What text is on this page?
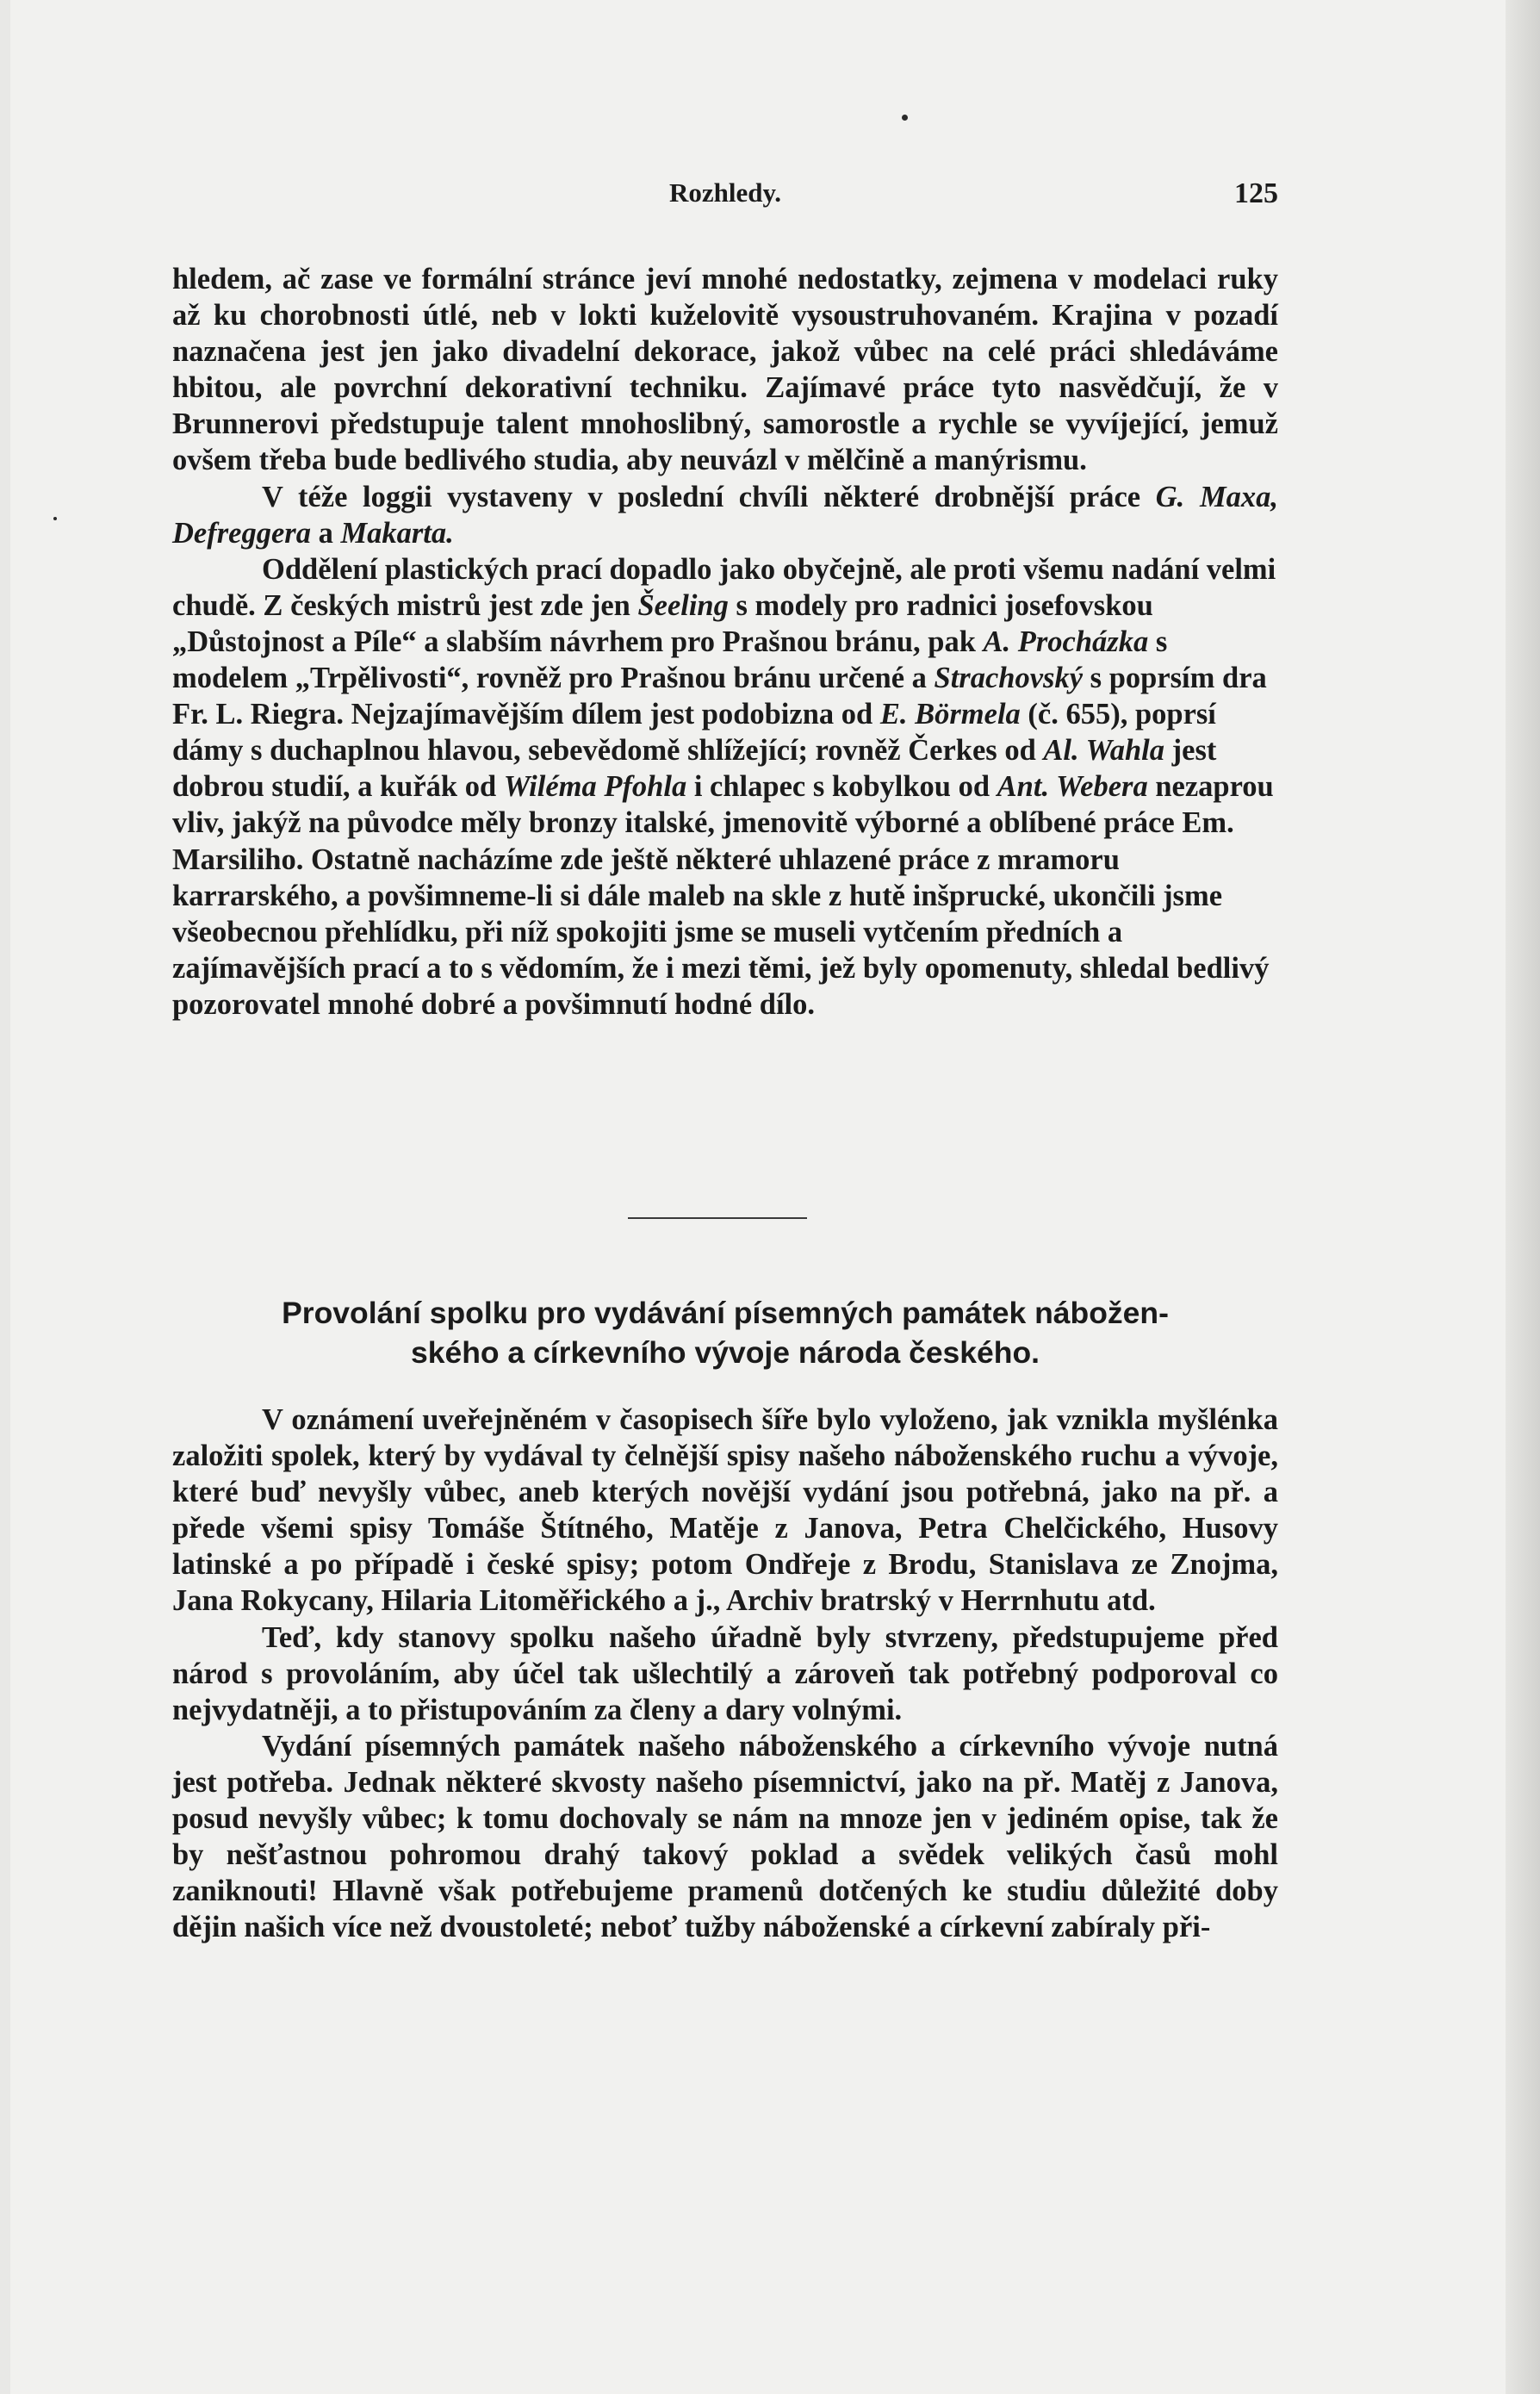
Rozhledy.	125

hledem, ač zase ve formální stránce jeví mnohé nedostatky, zejmena v modelaci ruky až ku chorobnosti útlé, neb v lokti kuželovitě vysoustruhovaném. Krajina v pozadí naznačena jest jen jako divadelní dekorace, jakož vůbec na celé práci shledáváme hbitou, ale povrchní dekorativní techniku. Zajímavé práce tyto nasvědčují, že v Brunnerovi předstupuje talent mnohoslibný, samorostle a rychle se vyvíjející, jemuž ovšem třeba bude bedlivého studia, aby neuvázl v mělčině a manýrismu.

V téže loggii vystaveny v poslední chvíli některé drobnější práce G. Maxa, Defreggera a Makarta.

Oddělení plastických prací dopadlo jako obyčejně, ale proti všemu nadání velmi chudě. Z českých mistrů jest zde jen Šeeling s modely pro radnici josefovskou „Důstojnost a Píle“ a slabším návrhem pro Prašnou bránu, pak A. Procházka s modelem „Trpělivosti“, rovněž pro Prašnou bránu určené a Strachovský s poprsím dra Fr. L. Riegra. Nejzajímavějším dílem jest podobizna od E. Börmela (č. 655), poprsí dámy s duchaplnou hlavou, sebevědomě shlížející; rovněž Čerkes od Al. Wahla jest dobrou studií, a kuřák od Wiléma Pfohla i chlapec s kobylkou od Ant. Webera nezaprou vliv, jakýž na původce měly bronzy italské, jmenovitě výborné a oblíbené práce Em. Marsiliho. Ostatně nacházíme zde ještě některé uhlazené práce z mramoru karrarského, a povšimneme-li si dále maleb na skle z hutě inšprucké, ukončili jsme všeobecnou přehlídku, při níž spokojiti jsme se museli vytčením předních a zajímavějších prací a to s vědomím, že i mezi těmi, jež byly opomenuty, shledal bedlivý pozorovatel mnohé dobré a povšimnutí hodné dílo.

Provolání spolku pro vydávání písemných památek nábožen-
ského a církevního vývoje národa českého.

V oznámení uveřejněném v časopisech šíře bylo vyloženo, jak vznikla myšlénka založiti spolek, který by vydával ty čelnější spisy našeho náboženského ruchu a vývoje, které buď nevyšly vůbec, aneb kterých novější vydání jsou potřebná, jako na př. a přede všemi spisy Tomáše Štítného, Matěje z Janova, Petra Chelčického, Husovy latinské a po případě i české spisy; potom Ondřeje z Brodu, Stanislava ze Znojma, Jana Rokycany, Hilaria Litoměřického a j., Archiv bratrský v Herrnhutu atd.

Teď, kdy stanovy spolku našeho úřadně byly stvrzeny, předstupujeme před národ s provoláním, aby účel tak ušlechtilý a zároveň tak potřebný podporoval co nejvydatněji, a to přistupováním za členy a dary volnými.

Vydání písemných památek našeho náboženského a církevního vývoje nutná jest potřeba. Jednak některé skvosty našeho písemnictví, jako na př. Matěj z Janova, posud nevyšly vůbec; k tomu dochovaly se nám na mnoze jen v jediném opise, tak že by nešťastnou pohromou drahý takový poklad a svědek velikých časů mohl zaniknouti! Hlavně však potřebujeme pramenů dotčených ke studiu důležité doby dějin našich více než dvoustoleté; neboť tužby náboženské a církevní zabíraly při-
